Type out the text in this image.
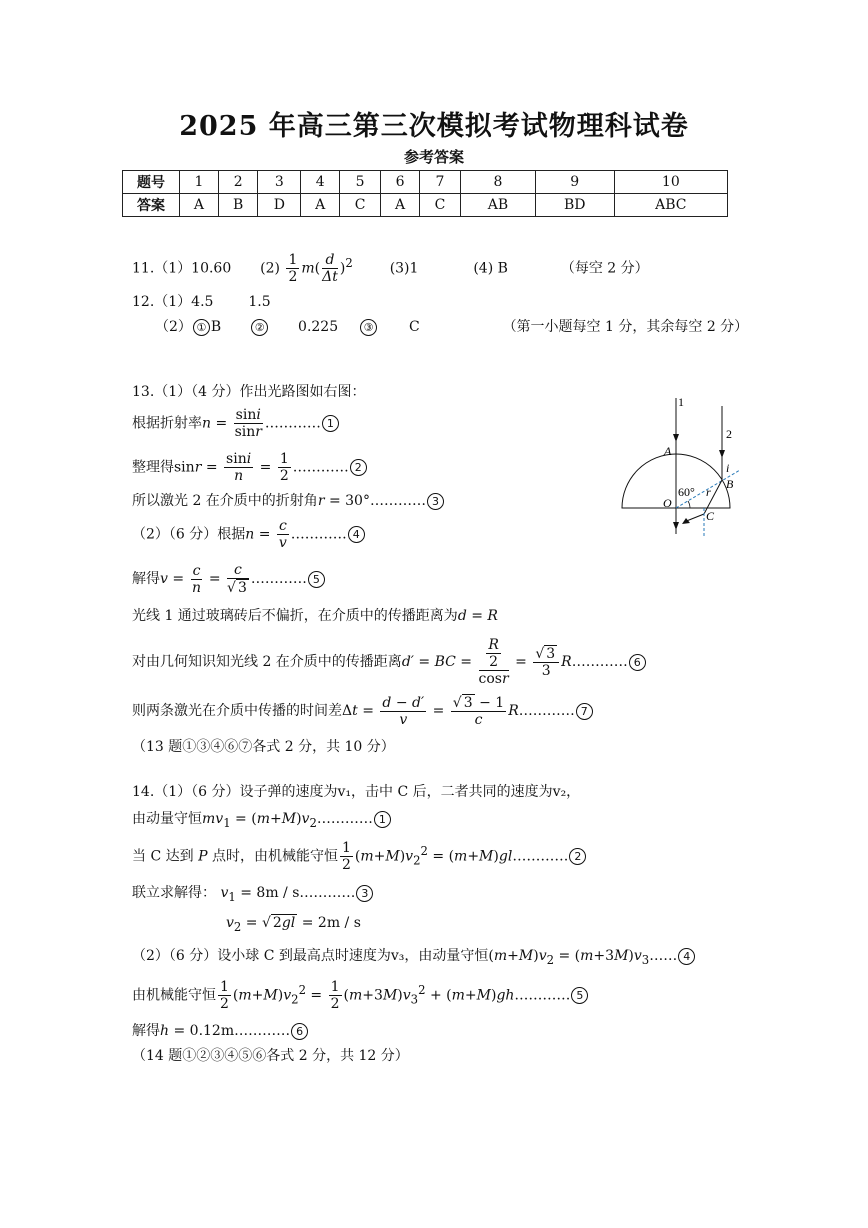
2025 年高三第三次模拟考试物理科试卷
参考答案
题号	1	2	3	4	5	6	7	8	9	10
答案	A	B	D	A	C	A	C	AB	BD	ABC
11.（1）10.60 $(2) \frac{1}{2} m( \frac{d}{\Delta t} )^2$	(3)1	(4) B	（每空 2 分）
12.（1）4.5 1.5
（2） ① B	② 0.225 ③	C	（第一小题每空 1 分，其余每空 2 分）
13.（1）（4 分）作出光路图如右图：
根据折射率$n = \frac{\sin i}{\sin r}$ ………… 1
整理得$\sin r = \frac{\sin i}{n} = \frac{1}{2}$ ………… 2
所以激光 2 在介质中的折射角r = 30°………… 3
（2）（6 分）根据$n = \frac{c}{v}$ ………… 4
解得$v = \frac{c}{n} = \frac{c}{√ 3}$ ………… 5
光线 1 通过玻璃砖后不偏折，在介质中的传播距离为d = R
对由几何知识知光线 2 在介质中的传播距离d′ = BC = $\frac{\frac{R}{2}}{\cos r} = \frac{√ 3}{3}$ R………… 6
则两条激光在介质中传播的时间差$\Delta t = \frac{d - d'}{v} = \frac{√ 3 - 1}{c}$ R………… 7
（13 题①③④⑥⑦各式 2 分，共 10 分）
1
2
A
O
B
C
i
60° r
14.（1）（6 分）设子弹的速度为v₁，击中 C 后，二者共同的速度为v₂，
由动量守恒$mv_1$ = $(m+M)v_2\dots\dots\dots\dots$ 1
当 C 达到 P 点时，由机械能守恒 $\frac{1}{2} (m+M)v_2^2$ = (m+M)gl………… 2
联立求解得： $v_1 = 8m$ / s………… 3
$v_2$ = √ 2gl = 2m / s
（2）（6 分）设小球 C 到最高点时速度为v₃，由动量守恒$(m+M)v_2$ = $(m+3M)v_3\dots\dots$ 4
由机械能守恒 $\frac{1}{2} (m+M)v_2^2 = \frac{1}{2} (m+3M)v_3^2$ + (m+M)gh………… 5
解得h = 0.12m………… 6
（14 题①②③④⑤⑥各式 2 分，共 12 分）
